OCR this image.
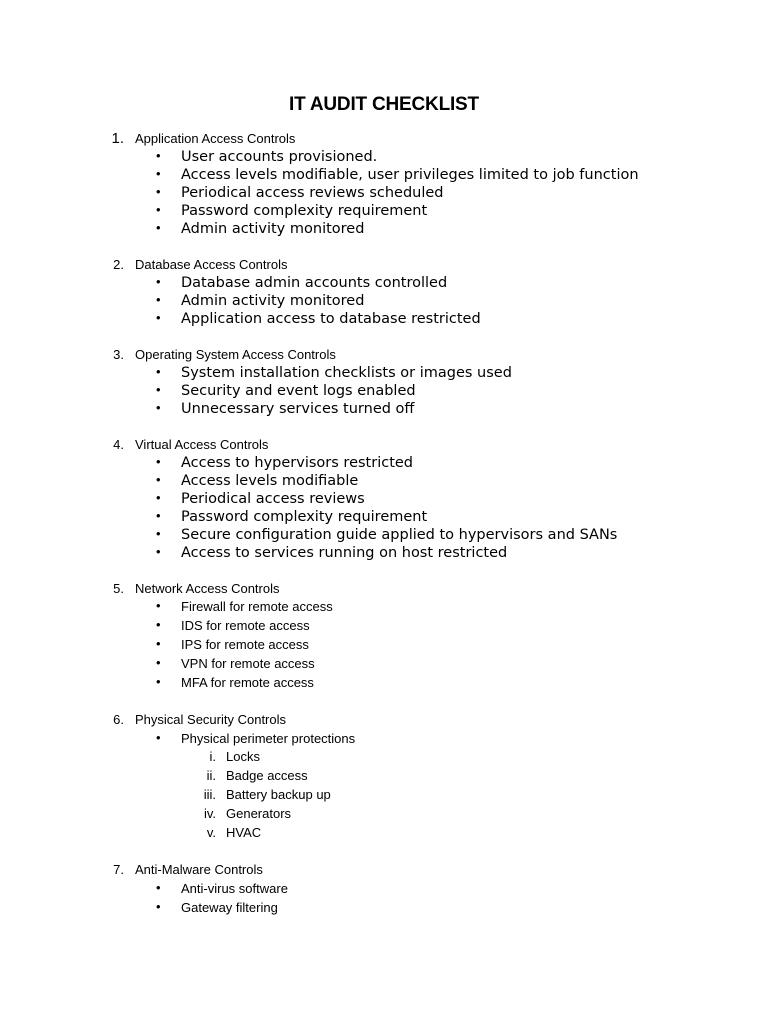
IT AUDIT CHECKLIST
1. Application Access Controls
• User accounts provisioned.
• Access levels modifiable, user privileges limited to job function
• Periodical access reviews scheduled
• Password complexity requirement
• Admin activity monitored
2. Database Access Controls
• Database admin accounts controlled
• Admin activity monitored
• Application access to database restricted
3. Operating System Access Controls
• System installation checklists or images used
• Security and event logs enabled
• Unnecessary services turned off
4. Virtual Access Controls
• Access to hypervisors restricted
• Access levels modifiable
• Periodical access reviews
• Password complexity requirement
• Secure configuration guide applied to hypervisors and SANs
• Access to services running on host restricted
5. Network Access Controls
• Firewall for remote access
• IDS for remote access
• IPS for remote access
• VPN for remote access
• MFA for remote access
6. Physical Security Controls
• Physical perimeter protections
i. Locks
ii. Badge access
iii. Battery backup up
iv. Generators
v. HVAC
7. Anti-Malware Controls
• Anti-virus software
• Gateway filtering
